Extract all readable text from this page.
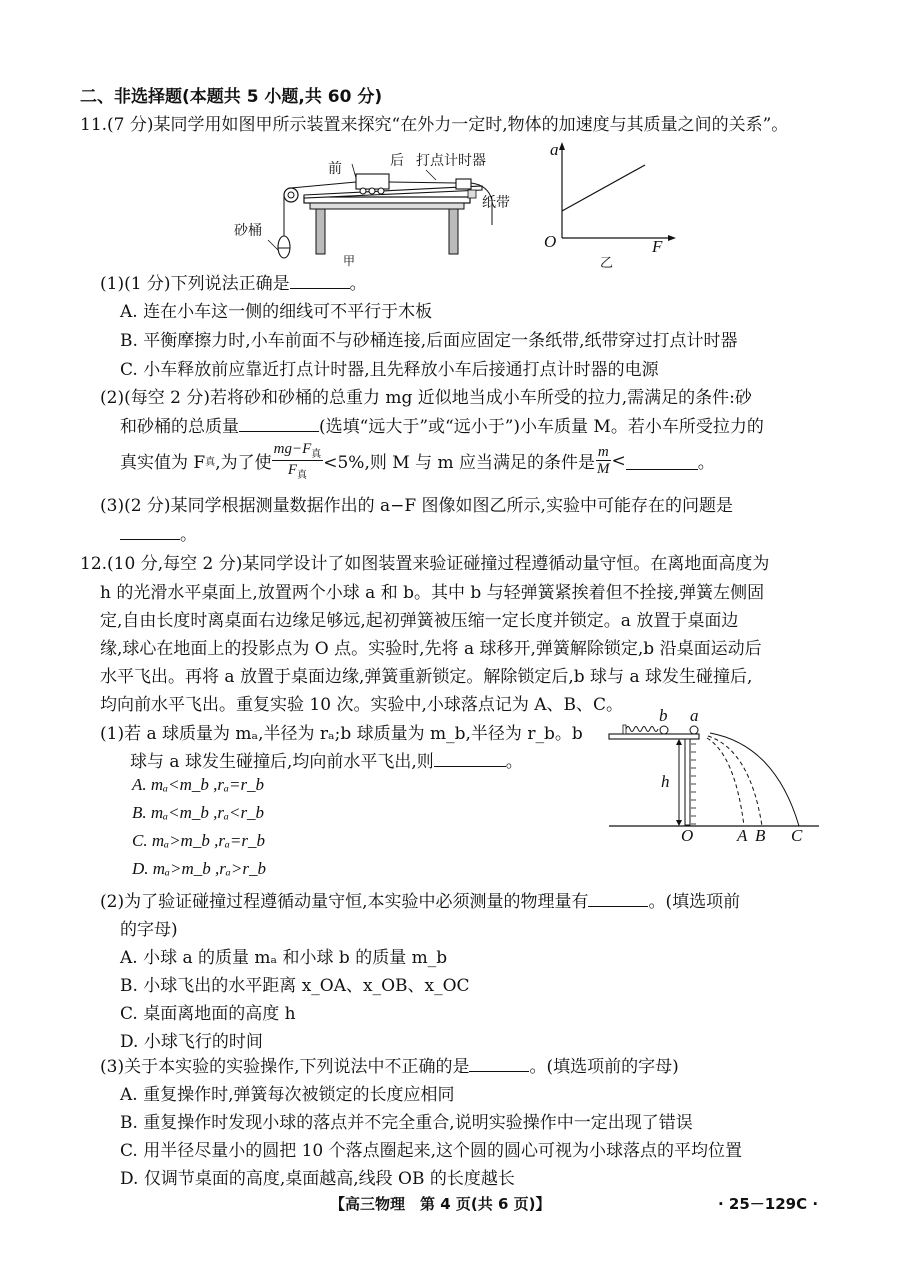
二、非选择题(本题共 5 小题,共 60 分)
11.(7 分)某同学用如图甲所示装置来探究“在外力一定时,物体的加速度与其质量之间的关系”。
前	后 打点计时器
纸带
砂桶
甲
a
O	F
乙
(1)(1 分)下列说法正确是	。
A. 连在小车这一侧的细线可不平行于木板
B. 平衡摩擦力时,小车前面不与砂桶连接,后面应固定一条纸带,纸带穿过打点计时器
C. 小车释放前应靠近打点计时器,且先释放小车后接通打点计时器的电源
(2)(每空 2 分)若将砂和砂桶的总重力 mg 近似地当成小车所受的拉力,需满足的条件:砂
和砂桶的总质量	(选填“远大于”或“远小于”)小车质量 M。若小车所受拉力的
真实值为 F 真 ,为了使 $\frac{mg-F_真}{F_真} <5\%$,则 M 与 m 应当满足的条件是 $\frac{m}{M}$ <	。
(3)(2 分)某同学根据测量数据作出的 a−F 图像如图乙所示,实验中可能存在的问题是
。
12.(10 分,每空 2 分)某同学设计了如图装置来验证碰撞过程遵循动量守恒。在离地面高度为
h 的光滑水平桌面上,放置两个小球 a 和 b。其中 b 与轻弹簧紧挨着但不拴接,弹簧左侧固
定,自由长度时离桌面右边缘足够远,起初弹簧被压缩一定长度并锁定。a 放置于桌面边
缘,球心在地面上的投影点为 O 点。实验时,先将 a 球移开,弹簧解除锁定,b 沿桌面运动后
水平飞出。再将 a 放置于桌面边缘,弹簧重新锁定。解除锁定后,b 球与 a 球发生碰撞后,
均向前水平飞出。重复实验 10 次。实验中,小球落点记为 A、B、C。
b a
h
O	A B C
(1)若 a 球质量为 mₐ,半径为 rₐ;b 球质量为 m_b,半径为 r_b。b
球与 a 球发生碰撞后,均向前水平飞出,则	。
A. mₐ<m_b ,rₐ=r_b
B. mₐ<m_b ,rₐ<r_b
C. mₐ>m_b ,rₐ=r_b
D. mₐ>m_b ,rₐ>r_b
(2)为了验证碰撞过程遵循动量守恒,本实验中必须测量的物理量有	。(填选项前
的字母)
A. 小球 a 的质量 mₐ 和小球 b 的质量 m_b
B. 小球飞出的水平距离 x_OA、x_OB、x_OC
C. 桌面离地面的高度 h
D. 小球飞行的时间
(3)关于本实验的实验操作,下列说法中不正确的是	。(填选项前的字母)
A. 重复操作时,弹簧每次被锁定的长度应相同
B. 重复操作时发现小球的落点并不完全重合,说明实验操作中一定出现了错误
C. 用半径尽量小的圆把 10 个落点圈起来,这个圆的圆心可视为小球落点的平均位置
D. 仅调节桌面的高度,桌面越高,线段 OB 的长度越长
【高三物理　第 4 页(共 6 页)】	· 25－129C ·
